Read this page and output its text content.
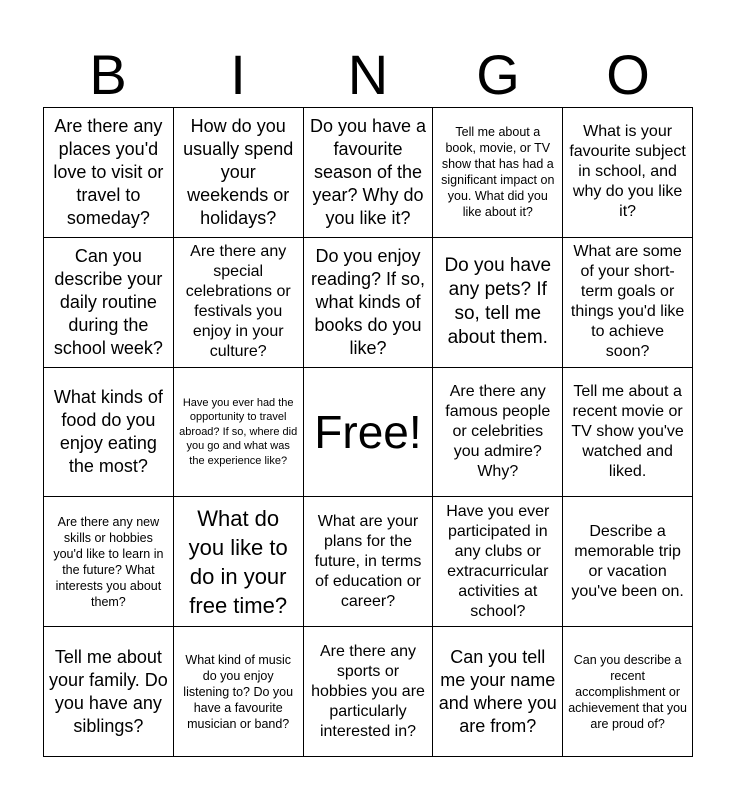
B	I	N	G	O
Are there any places you'd love to visit or travel to someday?
How do you usually spend your weekends or holidays?
Do you have a favourite season of the year? Why do you like it?
Tell me about a book, movie, or TV show that has had a significant impact on you. What did you like about it?
What is your favourite subject in school, and why do you like it?
Can you describe your daily routine during the school week?
Are there any special celebrations or festivals you enjoy in your culture?
Do you enjoy reading? If so, what kinds of books do you like?
Do you have any pets? If so, tell me about them.
What are some of your short-term goals or things you'd like to achieve soon?
What kinds of food do you enjoy eating the most?
Have you ever had the opportunity to travel abroad? If so, where did you go and what was the experience like?
Free!
Are there any famous people or celebrities you admire? Why?
Tell me about a recent movie or TV show you've watched and liked.
Are there any new skills or hobbies you'd like to learn in the future? What interests you about them?
What do you like to do in your free time?
What are your plans for the future, in terms of education or career?
Have you ever participated in any clubs or extracurricular activities at school?
Describe a memorable trip or vacation you've been on.
Tell me about your family. Do you have any siblings?
What kind of music do you enjoy listening to? Do you have a favourite musician or band?
Are there any sports or hobbies you are particularly interested in?
Can you tell me your name and where you are from?
Can you describe a recent accomplishment or achievement that you are proud of?
